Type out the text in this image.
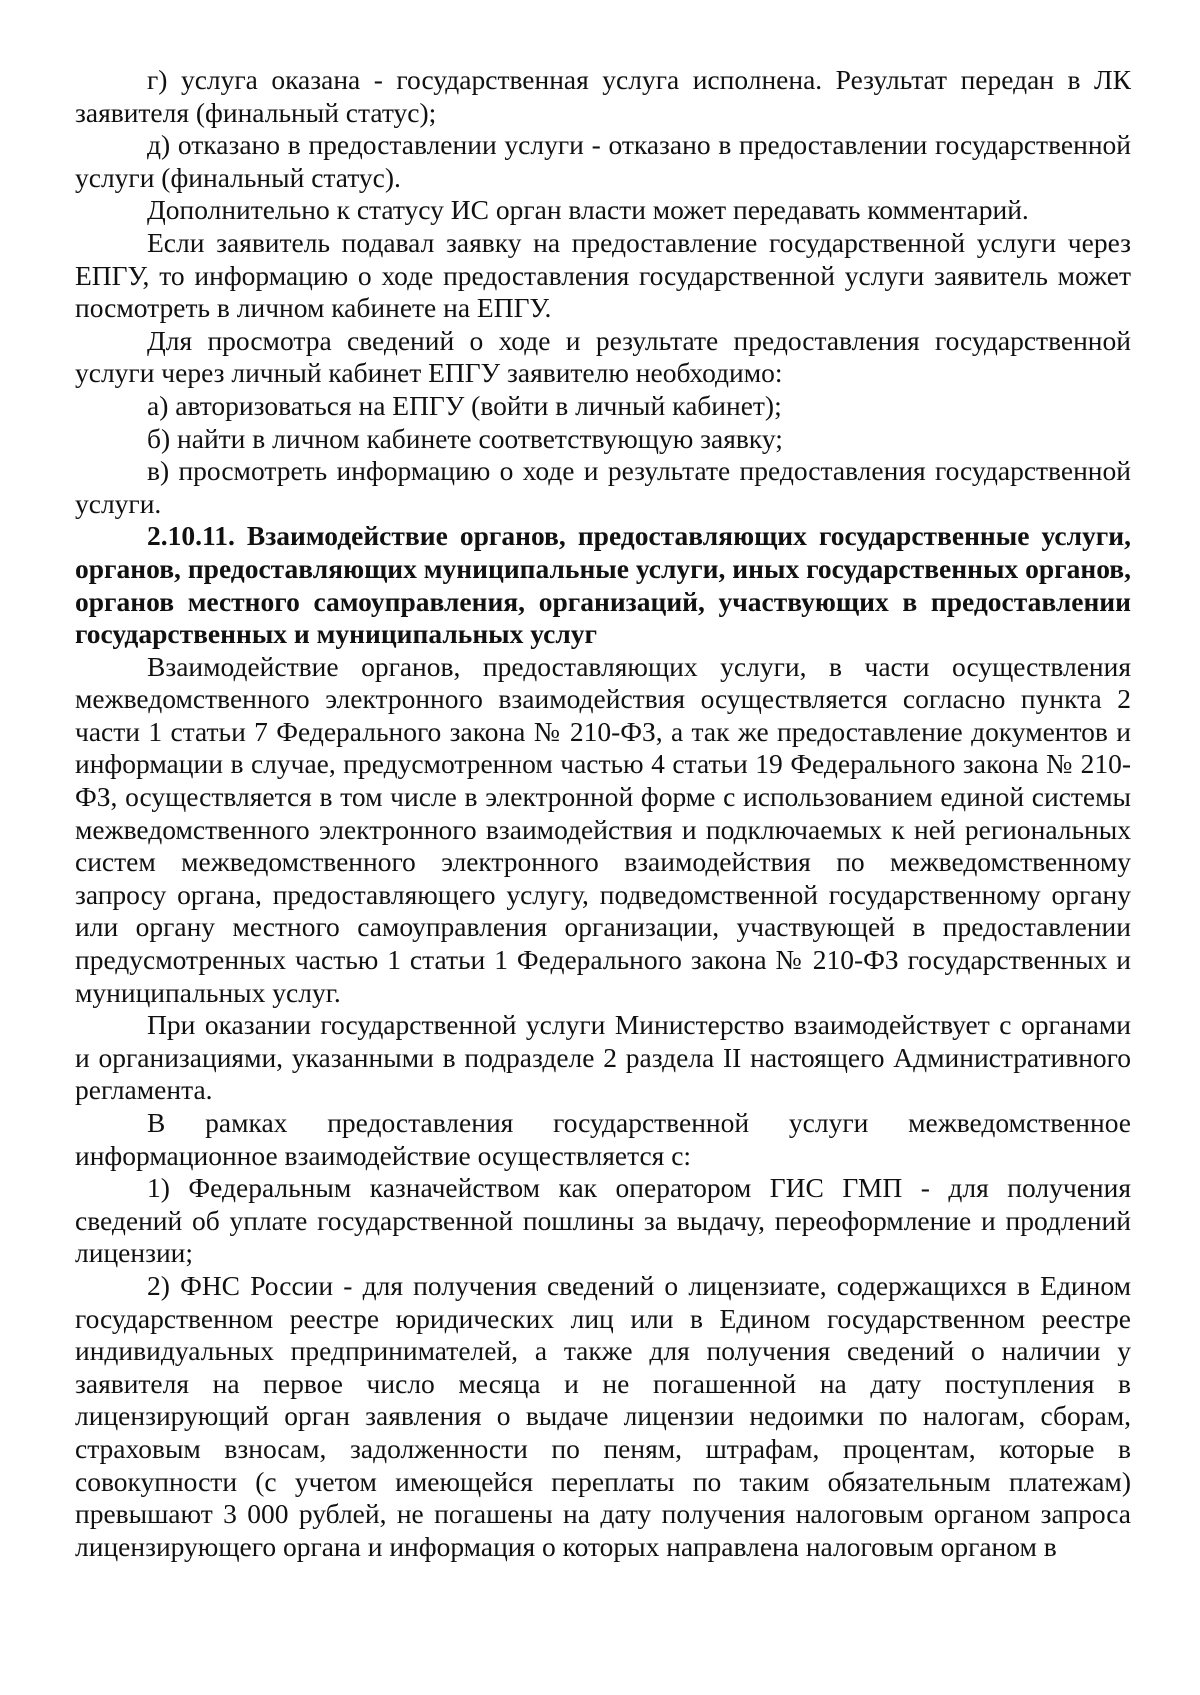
г) услуга оказана - государственная услуга исполнена. Результат передан в ЛК заявителя (финальный статус);

д) отказано в предоставлении услуги - отказано в предоставлении государственной услуги (финальный статус).

Дополнительно к статусу ИС орган власти может передавать комментарий.

Если заявитель подавал заявку на предоставление государственной услуги через ЕПГУ, то информацию о ходе предоставления государственной услуги заявитель может посмотреть в личном кабинете на ЕПГУ.

Для просмотра сведений о ходе и результате предоставления государственной услуги через личный кабинет ЕПГУ заявителю необходимо:

а) авторизоваться на ЕПГУ (войти в личный кабинет);

б) найти в личном кабинете соответствующую заявку;

в) просмотреть информацию о ходе и результате предоставления государственной услуги.

2.10.11. Взаимодействие органов, предоставляющих государственные услуги, органов, предоставляющих муниципальные услуги, иных государственных органов, органов местного самоуправления, организаций, участвующих в предоставлении государственных и муниципальных услуг

Взаимодействие органов, предоставляющих услуги, в части осуществления межведомственного электронного взаимодействия осуществляется согласно пункта 2 части 1 статьи 7 Федерального закона № 210-ФЗ, а так же предоставление документов и информации в случае, предусмотренном частью 4 статьи 19 Федерального закона № 210-ФЗ, осуществляется в том числе в электронной форме с использованием единой системы межведомственного электронного взаимодействия и подключаемых к ней региональных систем межведомственного электронного взаимодействия по межведомственному запросу органа, предоставляющего услугу, подведомственной государственному органу или органу местного самоуправления организации, участвующей в предоставлении предусмотренных частью 1 статьи 1 Федерального закона № 210-ФЗ государственных и муниципальных услуг.

При оказании государственной услуги Министерство взаимодействует с органами и организациями, указанными в подразделе 2 раздела II настоящего Административного регламента.

В рамках предоставления государственной услуги межведомственное информационное взаимодействие осуществляется с:

1) Федеральным казначейством как оператором ГИС ГМП - для получения сведений об уплате государственной пошлины за выдачу, переоформление и продлений лицензии;

2) ФНС России - для получения сведений о лицензиате, содержащихся в Едином государственном реестре юридических лиц или в Едином государственном реестре индивидуальных предпринимателей, а также для получения сведений о наличии у заявителя на первое число месяца и не погашенной на дату поступления в лицензирующий орган заявления о выдаче лицензии недоимки по налогам, сборам, страховым взносам, задолженности по пеням, штрафам, процентам, которые в совокупности (с учетом имеющейся переплаты по таким обязательным платежам) превышают 3 000 рублей, не погашены на дату получения налоговым органом запроса лицензирующего органа и информация о которых направлена налоговым органом в
